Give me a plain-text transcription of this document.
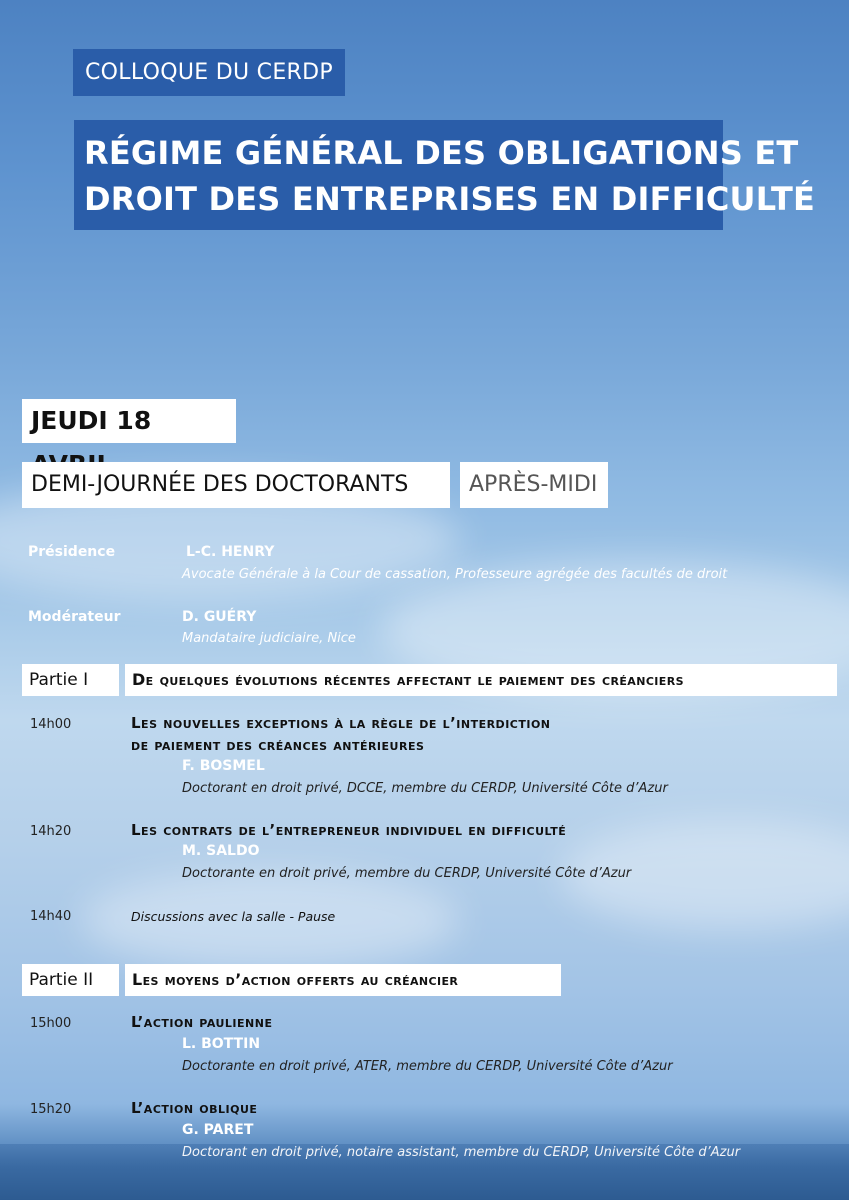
COLLOQUE DU CERDP
RÉGIME GÉNÉRAL DES OBLIGATIONS ET
DROIT DES ENTREPRISES EN DIFFICULTÉ
JEUDI 18
DEMI-JOURNÉE DES DOCTORANTS	APRÈS-MIDI
Présidence	L-C. HENRY
Avocate Générale à la Cour de cassation, Professeure agrégée des facultés de droit
Modérateur	D. GUÉRY
Mandataire judiciaire, Nice
Partie I	De quelques évolutions récentes affectant le paiement des créanciers
14h00	Les nouvelles exceptions à la règle de l’interdiction
de paiement des créances antérieures
F. BOSMEL
Doctorant en droit privé, DCCE, membre du CERDP, Université Côte d’Azur
14h20	Les contrats de l’entrepreneur individuel en difficulté
M. SALDO
Doctorante en droit privé, membre du CERDP, Université Côte d’Azur
14h40	Discussions avec la salle - Pause
Partie II	Les moyens d’action offerts au créancier
15h00	L’action paulienne
L. BOTTIN
Doctorante en droit privé, ATER, membre du CERDP, Université Côte d’Azur
15h20	L’action oblique
G. PARET
Doctorant en droit privé, notaire assistant, membre du CERDP, Université Côte d’Azur
